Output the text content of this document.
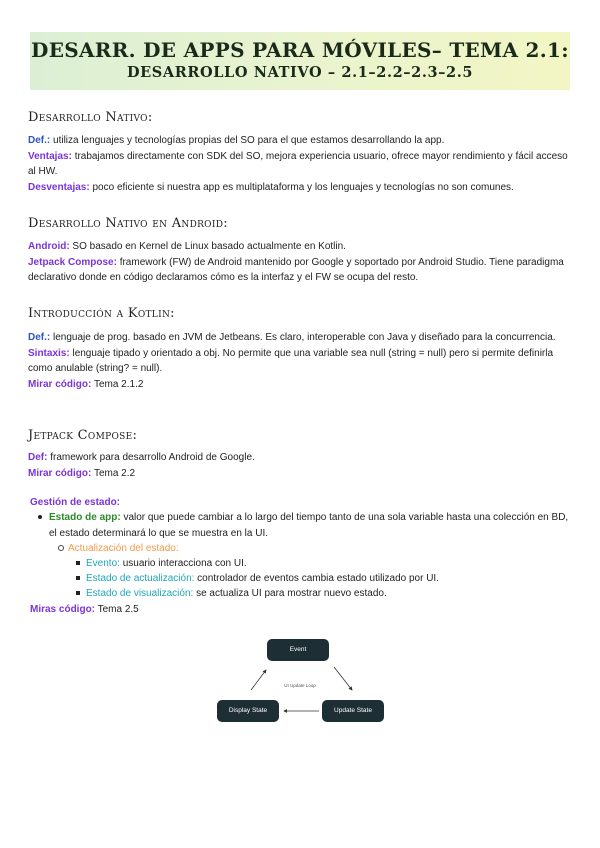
DESARR. DE APPS PARA MÓVILES– TEMA 2.1:
DESARROLLO NATIVO – 2.1–2.2–2.3–2.5
Desarrollo Nativo:
Def.: utiliza lenguajes y tecnologías propias del SO para el que estamos desarrollando la app.
Ventajas: trabajamos directamente con SDK del SO, mejora experiencia usuario, ofrece mayor rendimiento y fácil acceso al HW.
Desventajas: poco eficiente si nuestra app es multiplataforma y los lenguajes y tecnologías no son comunes.
Desarrollo Nativo en Android:
Android: SO basado en Kernel de Linux basado actualmente en Kotlin.
Jetpack Compose: framework (FW) de Android mantenido por Google y soportado por Android Studio. Tiene paradigma declarativo donde en código declaramos cómo es la interfaz y el FW se ocupa del resto.
Introducción a Kotlin:
Def.: lenguaje de prog. basado en JVM de Jetbeans. Es claro, interoperable con Java y diseñado para la concurrencia.
Sintaxis: lenguaje tipado y orientado a obj. No permite que una variable sea null (string = null) pero si permite definirla como anulable (string? = null).
Mirar código: Tema 2.1.2
Jetpack Compose:
Def: framework para desarrollo Android de Google.
Mirar código: Tema 2.2
Gestión de estado:
Estado de app: valor que puede cambiar a lo largo del tiempo tanto de una sola variable hasta una colección en BD, el estado determinará lo que se muestra en la UI.
Actualización del estado:
Evento: usuario interacciona con UI.
Estado de actualización: controlador de eventos cambia estado utilizado por UI.
Estado de visualización: se actualiza UI para mostrar nuevo estado.
Miras código: Tema 2.5
Event
Display State	Update State
UI Update Loop
